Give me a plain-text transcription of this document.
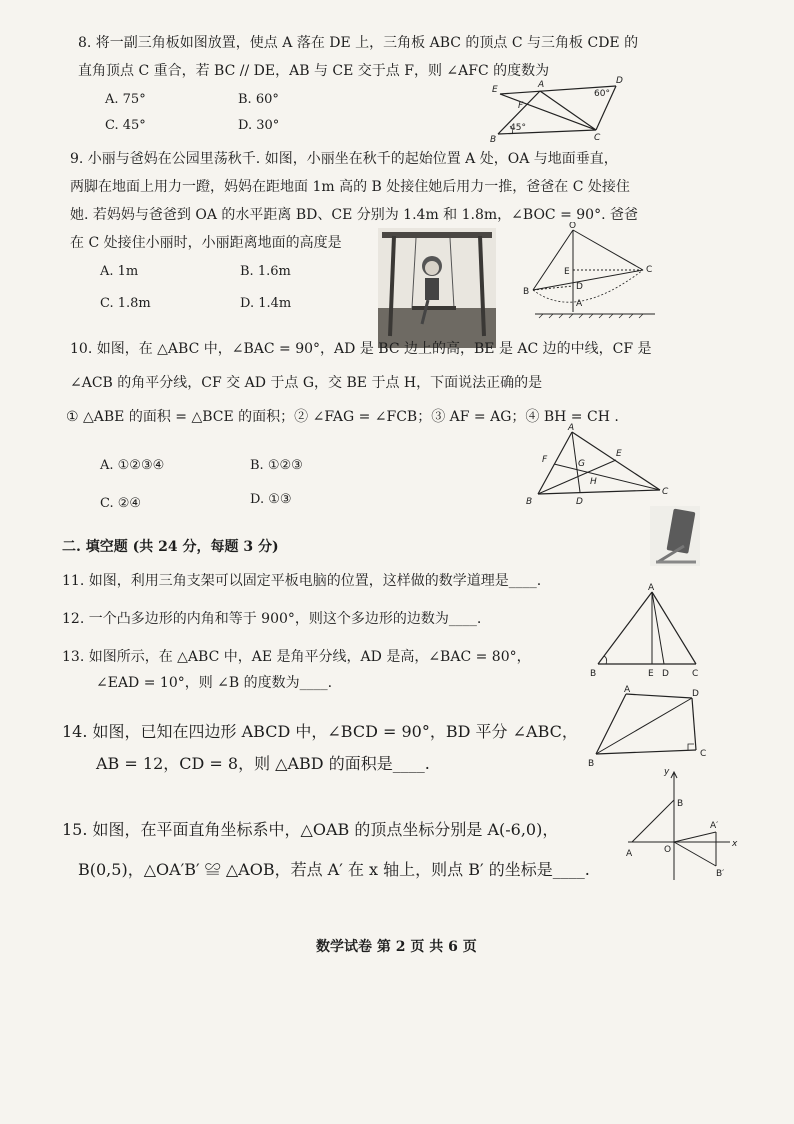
8. 将一副三角板如图放置，使点 A 落在 DE 上，三角板 ABC 的顶点 C 与三角板 CDE 的
直角顶点 C 重合，若 BC // DE，AB 与 CE 交于点 F，则 ∠AFC 的度数为
A. 75°	B. 60°
C. 45°	D. 30°
E	A	D
F
B	C
60°
45°
9. 小丽与爸妈在公园里荡秋千. 如图，小丽坐在秋千的起始位置 A 处，OA 与地面垂直，
两脚在地面上用力一蹬，妈妈在距地面 1m 高的 B 处接住她后用力一推，爸爸在 C 处接住
她. 若妈妈与爸爸到 OA 的水平距离 BD、CE 分别为 1.4m 和 1.8m，∠BOC = 90°. 爸爸
在 C 处接住小丽时，小丽距离地面的高度是
A. 1m	B. 1.6m
C. 1.8m	D. 1.4m
O
E
D
A
B
C
10. 如图，在 △ABC 中，∠BAC = 90°，AD 是 BC 边上的高，BE 是 AC 边的中线，CF 是
∠ACB 的角平分线，CF 交 AD 于点 G，交 BE 于点 H，下面说法正确的是
① △ABE 的面积 = △BCE 的面积；② ∠FAG = ∠FCB；③ AF = AG；④ BH = CH .
A. ①②③④	B. ①②③
C. ②④	D. ①③
A
F	G
E
H
B	D
C
二. 填空题 (共 24 分，每题 3 分)
11. 如图，利用三角支架可以固定平板电脑的位置，这样做的数学道理是____.
12. 一个凸多边形的内角和等于 900°，则这个多边形的边数为____.
13. 如图所示，在 △ABC 中，AE 是角平分线，AD 是高，∠BAC = 80°，
∠EAD = 10°，则 ∠B 的度数为____.
A
B	E D	C
14. 如图，已知在四边形 ABCD 中，∠BCD = 90°，BD 平分 ∠ABC，
AB = 12，CD = 8，则 △ABD 的面积是____.
A	D
B
C
15. 如图，在平面直角坐标系中，△OAB 的顶点坐标分别是 A(-6,0)，
B(0,5)，△OA′B′ ≌ △AOB，若点 A′ 在 x 轴上，则点 B′ 的坐标是____.
y
x
B
A	O
A′
B′
数学试卷 第 2 页 共 6 页
